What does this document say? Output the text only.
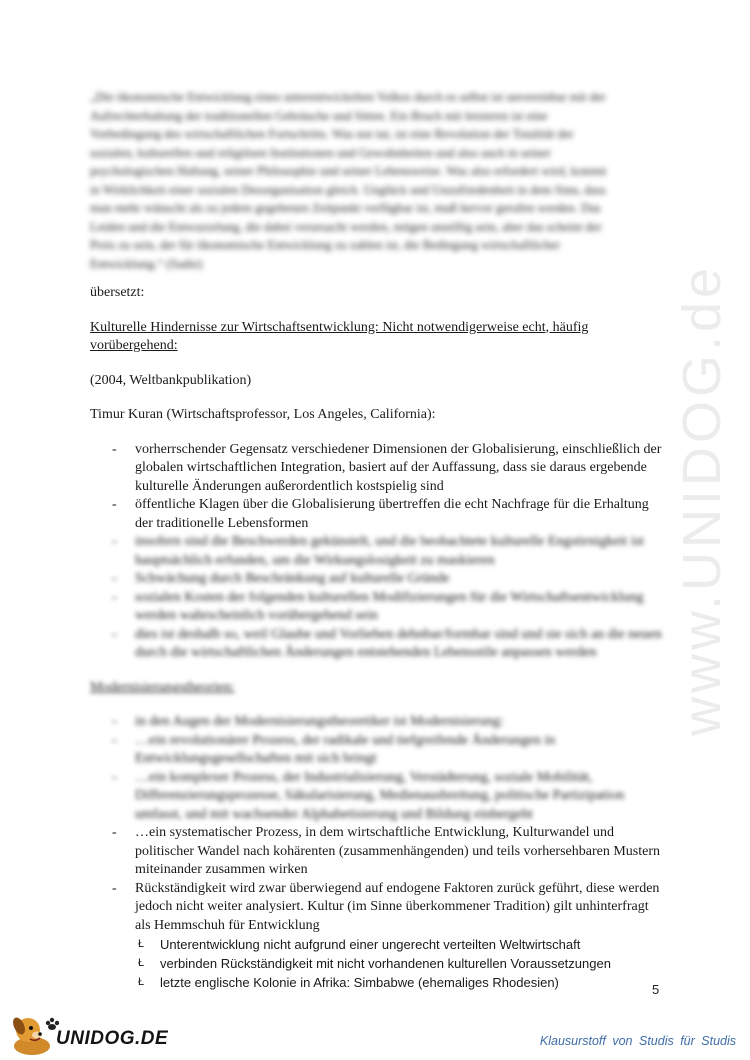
www.UNIDOG.de

„Die ökonomische Entwicklung eines unterentwickelten Volkes durch es selbst ist unvereinbar mit der

Aufrechterhaltung der traditionellen Gebräuche und Sitten. Ein Bruch mit letzteren ist eine

Vorbedingung des wirtschaftlichen Fortschritts. Was not tut, ist eine Revolution der Totalität der

sozialen, kulturellen und religiösen Institutionen und Gewohnheiten und also auch in seiner

psychologischen Haltung, seiner Philosophie und seiner Lebensweise. Was also erfordert wird, kommt

in Wirklichkeit einer sozialen Desorganisation gleich. Unglück und Unzufriedenheit in dem Sinn, dass

man mehr wünscht als zu jedem gegebenen Zeitpunkt verfügbar ist, muß hervor gerufen werden. Das

Leiden und die Entwurzelung, die dabei verursacht werden, mögen unstillig sein, aber das scheint der

Preis zu sein, der für ökonomische Entwicklung zu zahlen ist, die Bedingung wirtschaftlicher

Entwicklung.“ (Sadie)

übersetzt:

Kulturelle Hindernisse zur Wirtschaftsentwicklung: Nicht notwendigerweise echt, häufig vorübergehend:

(2004, Weltbankpublikation)

Timur Kuran (Wirtschaftsprofessor, Los Angeles, California):

- vorherrschender Gegensatz verschiedener Dimensionen der Globalisierung, einschließlich der globalen wirtschaftlichen Integration, basiert auf der Auffassung, dass sie daraus ergebende kulturelle Änderungen außerordentlich kostspielig sind
- öffentliche Klagen über die Globalisierung übertreffen die echt Nachfrage für die Erhaltung der traditionelle Lebensformen
- insofern sind die Beschwerden gekünstelt, und die beobachtete kulturelle Engstirnigkeit ist hauptsächlich erfunden, um die Wirkungslosigkeit zu maskieren
- Schwächung durch Beschränkung auf kulturelle Gründe
- sozialen Kosten der folgenden kulturellen Modifizierungen für die Wirtschaftsentwicklung werden wahrscheinlich vorübergehend sein
- dies ist deshalb so, weil Glaube und Vorlieben dehnbar/formbar sind und sie sich an die neuen durch die wirtschaftlichen Änderungen entstehenden Lebensstile anpassen werden

Modernisierungstheorien:

- in den Augen der Modernisierungstheoretiker ist Modernisierung:
- …ein revolutionärer Prozess, der radikale und tiefgreifende Änderungen in Entwicklungsgesellschaften mit sich bringt
- …ein komplexer Prozess, der Industrialisierung, Verstädterung, soziale Mobilität, Differenzierungsprozesse, Säkularisierung, Medienausbreitung, politische Partizipation umfasst, und mit wachsender Alphabetisierung und Bildung einhergeht
- …ein systematischer Prozess, in dem wirtschaftliche Entwicklung, Kulturwandel und politischer Wandel nach kohärenten (zusammenhängenden) und teils vorhersehbaren Mustern miteinander zusammen wirken
- Rückständigkeit wird zwar überwiegend auf endogene Faktoren zurück geführt, diese werden jedoch nicht weiter analysiert. Kultur (im Sinne überkommener Tradition) gilt unhinterfragt als Hemmschuh für Entwicklung
Ł	Unterentwicklung nicht aufgrund einer ungerecht verteilten Weltwirtschaft
Ł	verbinden Rückständigkeit mit nicht vorhandenen kulturellen Voraussetzungen
Ł	letzte englische Kolonie in Afrika: Simbabwe (ehemaliges Rhodesien)	5
UNIDOG.DE	Klausurstoff von Studis für Studis
